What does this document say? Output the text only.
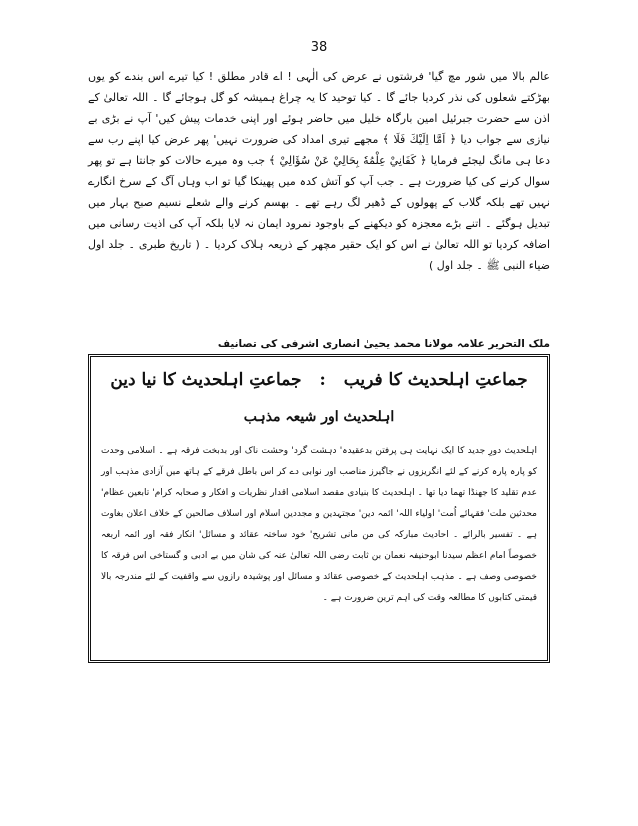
38

عالم بالا میں شور مچ گیا' فرشتوں نے عرض کی الٰہی ! اے قادر مطلق ! کیا تیرے اس بندے کو یوں بھڑکتے شعلوں کی نذر کردیا جائے گا ۔ کیا توحید کا یہ چراغ ہمیشہ کو گل ہوجائے گا ۔ اللہ تعالیٰ کے اذن سے حضرت جبرئیل امین بارگاہ خلیل میں حاضر ہوئے اور اپنی خدمات پیش کیں' آپ نے بڑی بے نیازی سے جواب دیا ﴿ اَمَّا اِلَيْكَ فَلَا ﴾ مجھے تیری امداد کی ضرورت نہیں' پھر عرض کیا اپنے رب سے دعا ہی مانگ لیجئے فرمایا ﴿ كَفَانِيْ عِلْمُهٗ بِحَالِيْ عَنْ سُؤَالِيْ ﴾ جب وہ میرے حالات کو جانتا ہے تو پھر سوال کرنے کی کیا ضرورت ہے ۔ جب آپ کو آتش کدہ میں پھینکا گیا تو اب وہاں آگ کے سرخ انگارے نہیں تھے بلکہ گلاب کے پھولوں کے ڈھیر لگ رہے تھے ۔ بھسم کرنے والے شعلے نسیم صبح بہار میں تبدیل ہوگئے ۔ اتنے بڑے معجزہ کو دیکھنے کے باوجود نمرود ایمان نہ لایا بلکہ آپ کی اذیت رسانی میں اضافہ کردیا تو اللہ تعالیٰ نے اس کو ایک حقیر مچھر کے ذریعہ ہلاک کردیا ۔ ( تاریخ طبری ۔ جلد اول ضیاء النبی ﷺ ۔ جلد اول )

ملک التحریر علامہ مولانا محمد یحییٰ انصاری اشرفی کی تصانیف
جماعتِ اہلحدیث کا فریب : جماعتِ اہلحدیث کا نیا دین
اہلحدیث اور شیعہ مذہب

اہلحدیث دورِ جدید کا ایک نہایت ہی پرفتن بدعقیدہ' دہشت گرد' وحشت ناک اور بدبخت فرقہ ہے ۔ اسلامی وحدت کو پارہ پارہ کرنے کے لئے انگریزوں نے جاگیرز مناصب اور نوابی دے کر اس باطل فرقے کے ہاتھ میں آزادی مذہب اور عدم تقلید کا جھنڈا تھما دیا تھا ۔ اہلحدیث کا بنیادی مقصد اسلامی اقدار نظریات و افکار و صحابہ کرام' تابعین عظام' محدثین ملت' فقہائے اُمت' اولیاء اللہ' ائمہ دین' مجتہدین و مجددین اسلام اور اسلاف صالحین کے خلاف اعلان بغاوت ہے ۔ تفسیر بالرائے ۔ احادیث مبارکہ کی من مانی تشریح' خود ساختہ عقائد و مسائل' انکار فقہ اور ائمہ اربعہ خصوصاً امام اعظم سیدنا ابوحنیفہ نعمان بن ثابت رضی اللہ تعالیٰ عنہ کی شان میں بے ادبی و گستاخی اس فرقہ کا خصوصی وصف ہے ۔ مذہب اہلحدیث کے خصوصی عقائد و مسائل اور پوشیدہ رازوں سے واقفیت کے لئے مندرجہ بالا قیمتی کتابوں کا مطالعہ وقت کی اہم ترین ضرورت ہے ۔
